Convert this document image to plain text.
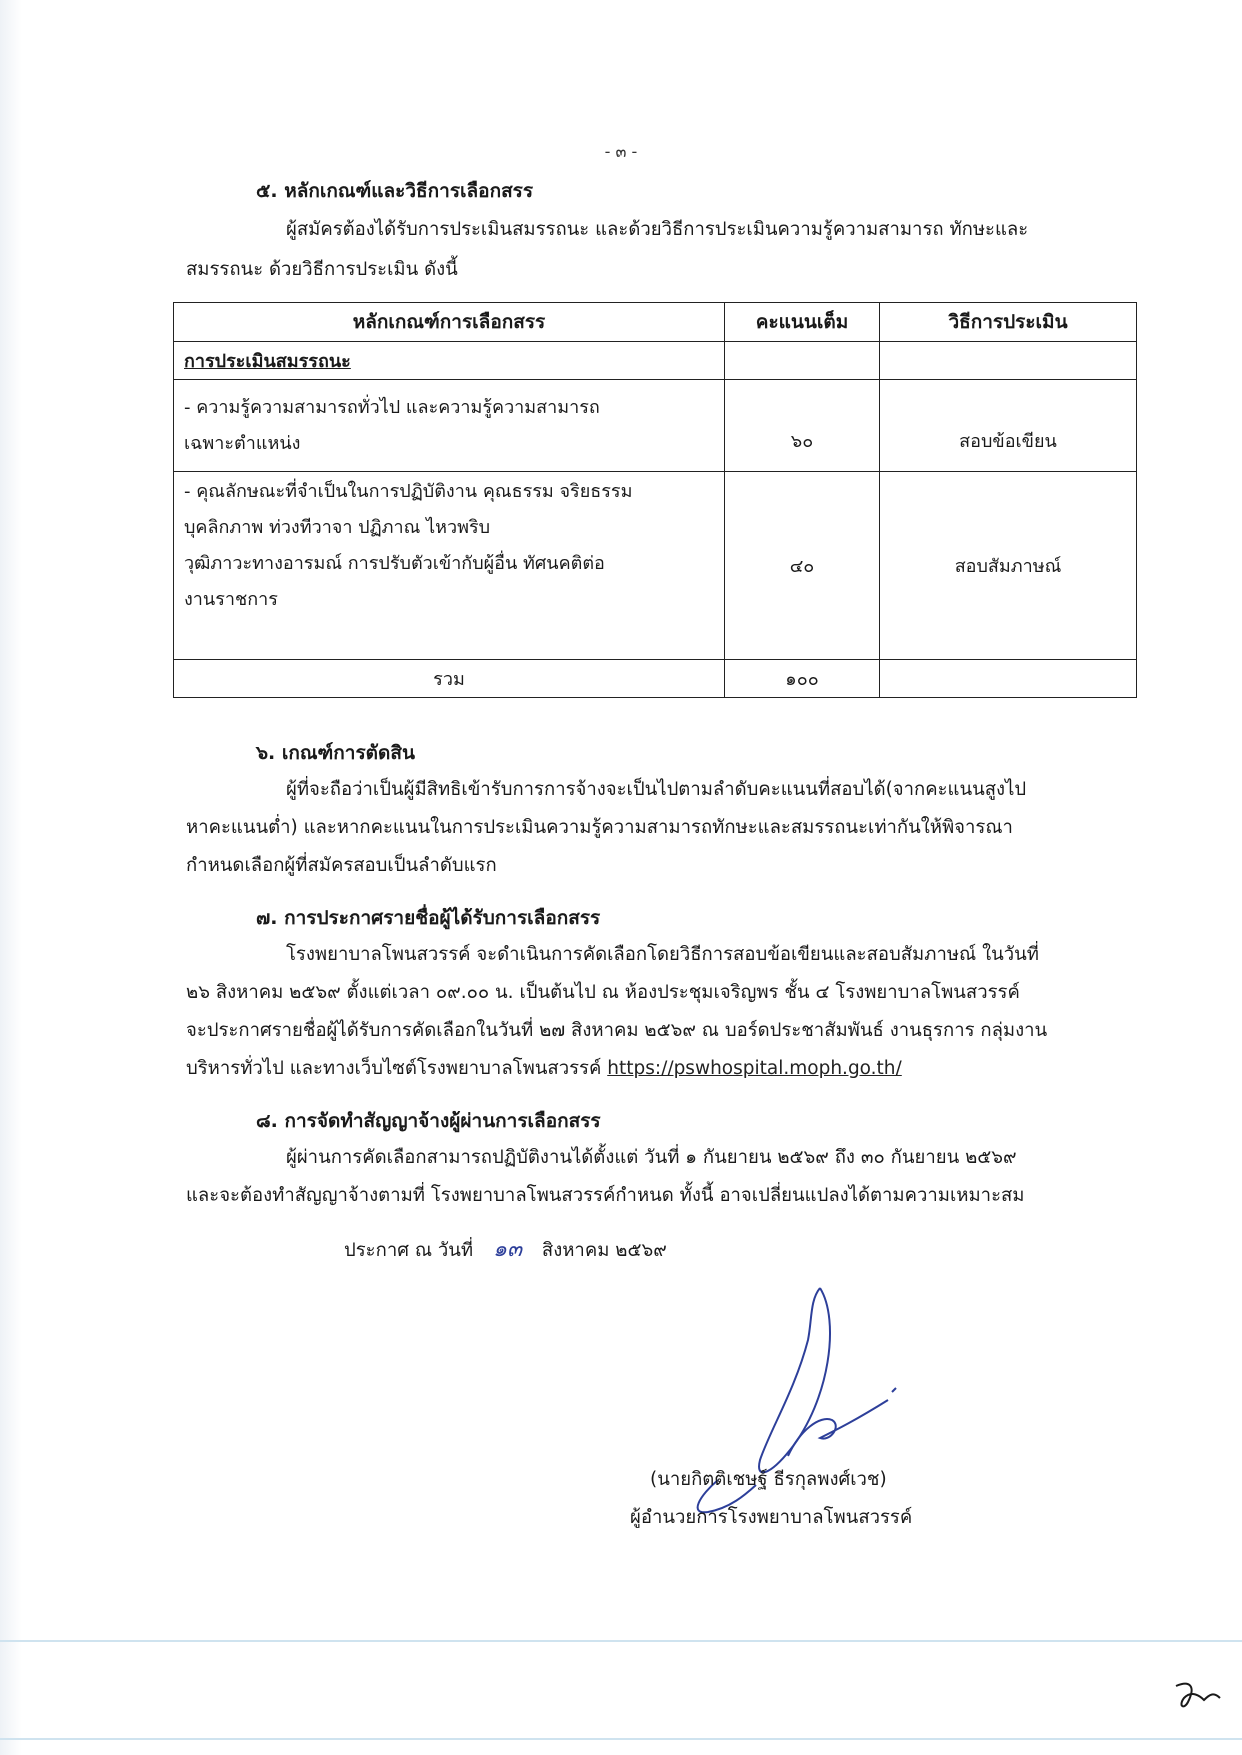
- ๓ -
๕. หลักเกณฑ์และวิธีการเลือกสรร
ผู้สมัครต้องได้รับการประเมินสมรรถนะ และด้วยวิธีการประเมินความรู้ความสามารถ ทักษะและ
สมรรถนะ ด้วยวิธีการประเมิน ดังนี้
หลักเกณฑ์การเลือกสรร	คะแนนเต็ม	วิธีการประเมิน
การประเมินสมรรถนะ		

- ความรู้ความสามารถทั่วไป และความรู้ความสามารถ
เฉพาะตำแหน่ง	๖๐	สอบข้อเขียน

- คุณลักษณะที่จำเป็นในการปฏิบัติงาน คุณธรรม จริยธรรม
บุคลิกภาพ ท่วงทีวาจา ปฏิภาณ ไหวพริบ
วุฒิภาวะทางอารมณ์ การปรับตัวเข้ากับผู้อื่น ทัศนคติต่อ
งานราชการ	๔๐	สอบสัมภาษณ์
รวม	๑๐๐	
๖. เกณฑ์การตัดสิน
ผู้ที่จะถือว่าเป็นผู้มีสิทธิเข้ารับการการจ้างจะเป็นไปตามลำดับคะแนนที่สอบได้(จากคะแนนสูงไป
หาคะแนนต่ำ) และหากคะแนนในการประเมินความรู้ความสามารถทักษะและสมรรถนะเท่ากันให้พิจารณา
กำหนดเลือกผู้ที่สมัครสอบเป็นลำดับแรก
๗. การประกาศรายชื่อผู้ได้รับการเลือกสรร
โรงพยาบาลโพนสวรรค์ จะดำเนินการคัดเลือกโดยวิธีการสอบข้อเขียนและสอบสัมภาษณ์ ในวันที่
๒๖ สิงหาคม ๒๕๖๙ ตั้งแต่เวลา ๐๙.๐๐ น. เป็นต้นไป ณ ห้องประชุมเจริญพร ชั้น ๔ โรงพยาบาลโพนสวรรค์
จะประกาศรายชื่อผู้ได้รับการคัดเลือกในวันที่ ๒๗ สิงหาคม ๒๕๖๙ ณ บอร์ดประชาสัมพันธ์ งานธุรการ กลุ่มงาน
บริหารทั่วไป และทางเว็บไซต์โรงพยาบาลโพนสวรรค์ https://pswhospital.moph.go.th/
๘. การจัดทำสัญญาจ้างผู้ผ่านการเลือกสรร
ผู้ผ่านการคัดเลือกสามารถปฏิบัติงานได้ตั้งแต่ วันที่ ๑ กันยายน ๒๕๖๙ ถึง ๓๐ กันยายน ๒๕๖๙
และจะต้องทำสัญญาจ้างตามที่ โรงพยาบาลโพนสวรรค์กำหนด ทั้งนี้ อาจเปลี่ยนแปลงได้ตามความเหมาะสม
ประกาศ ณ วันที่ ๑๓ สิงหาคม ๒๕๖๙
(นายกิตติเชษฐ์ ธีรกุลพงศ์เวช)
ผู้อำนวยการโรงพยาบาลโพนสวรรค์
